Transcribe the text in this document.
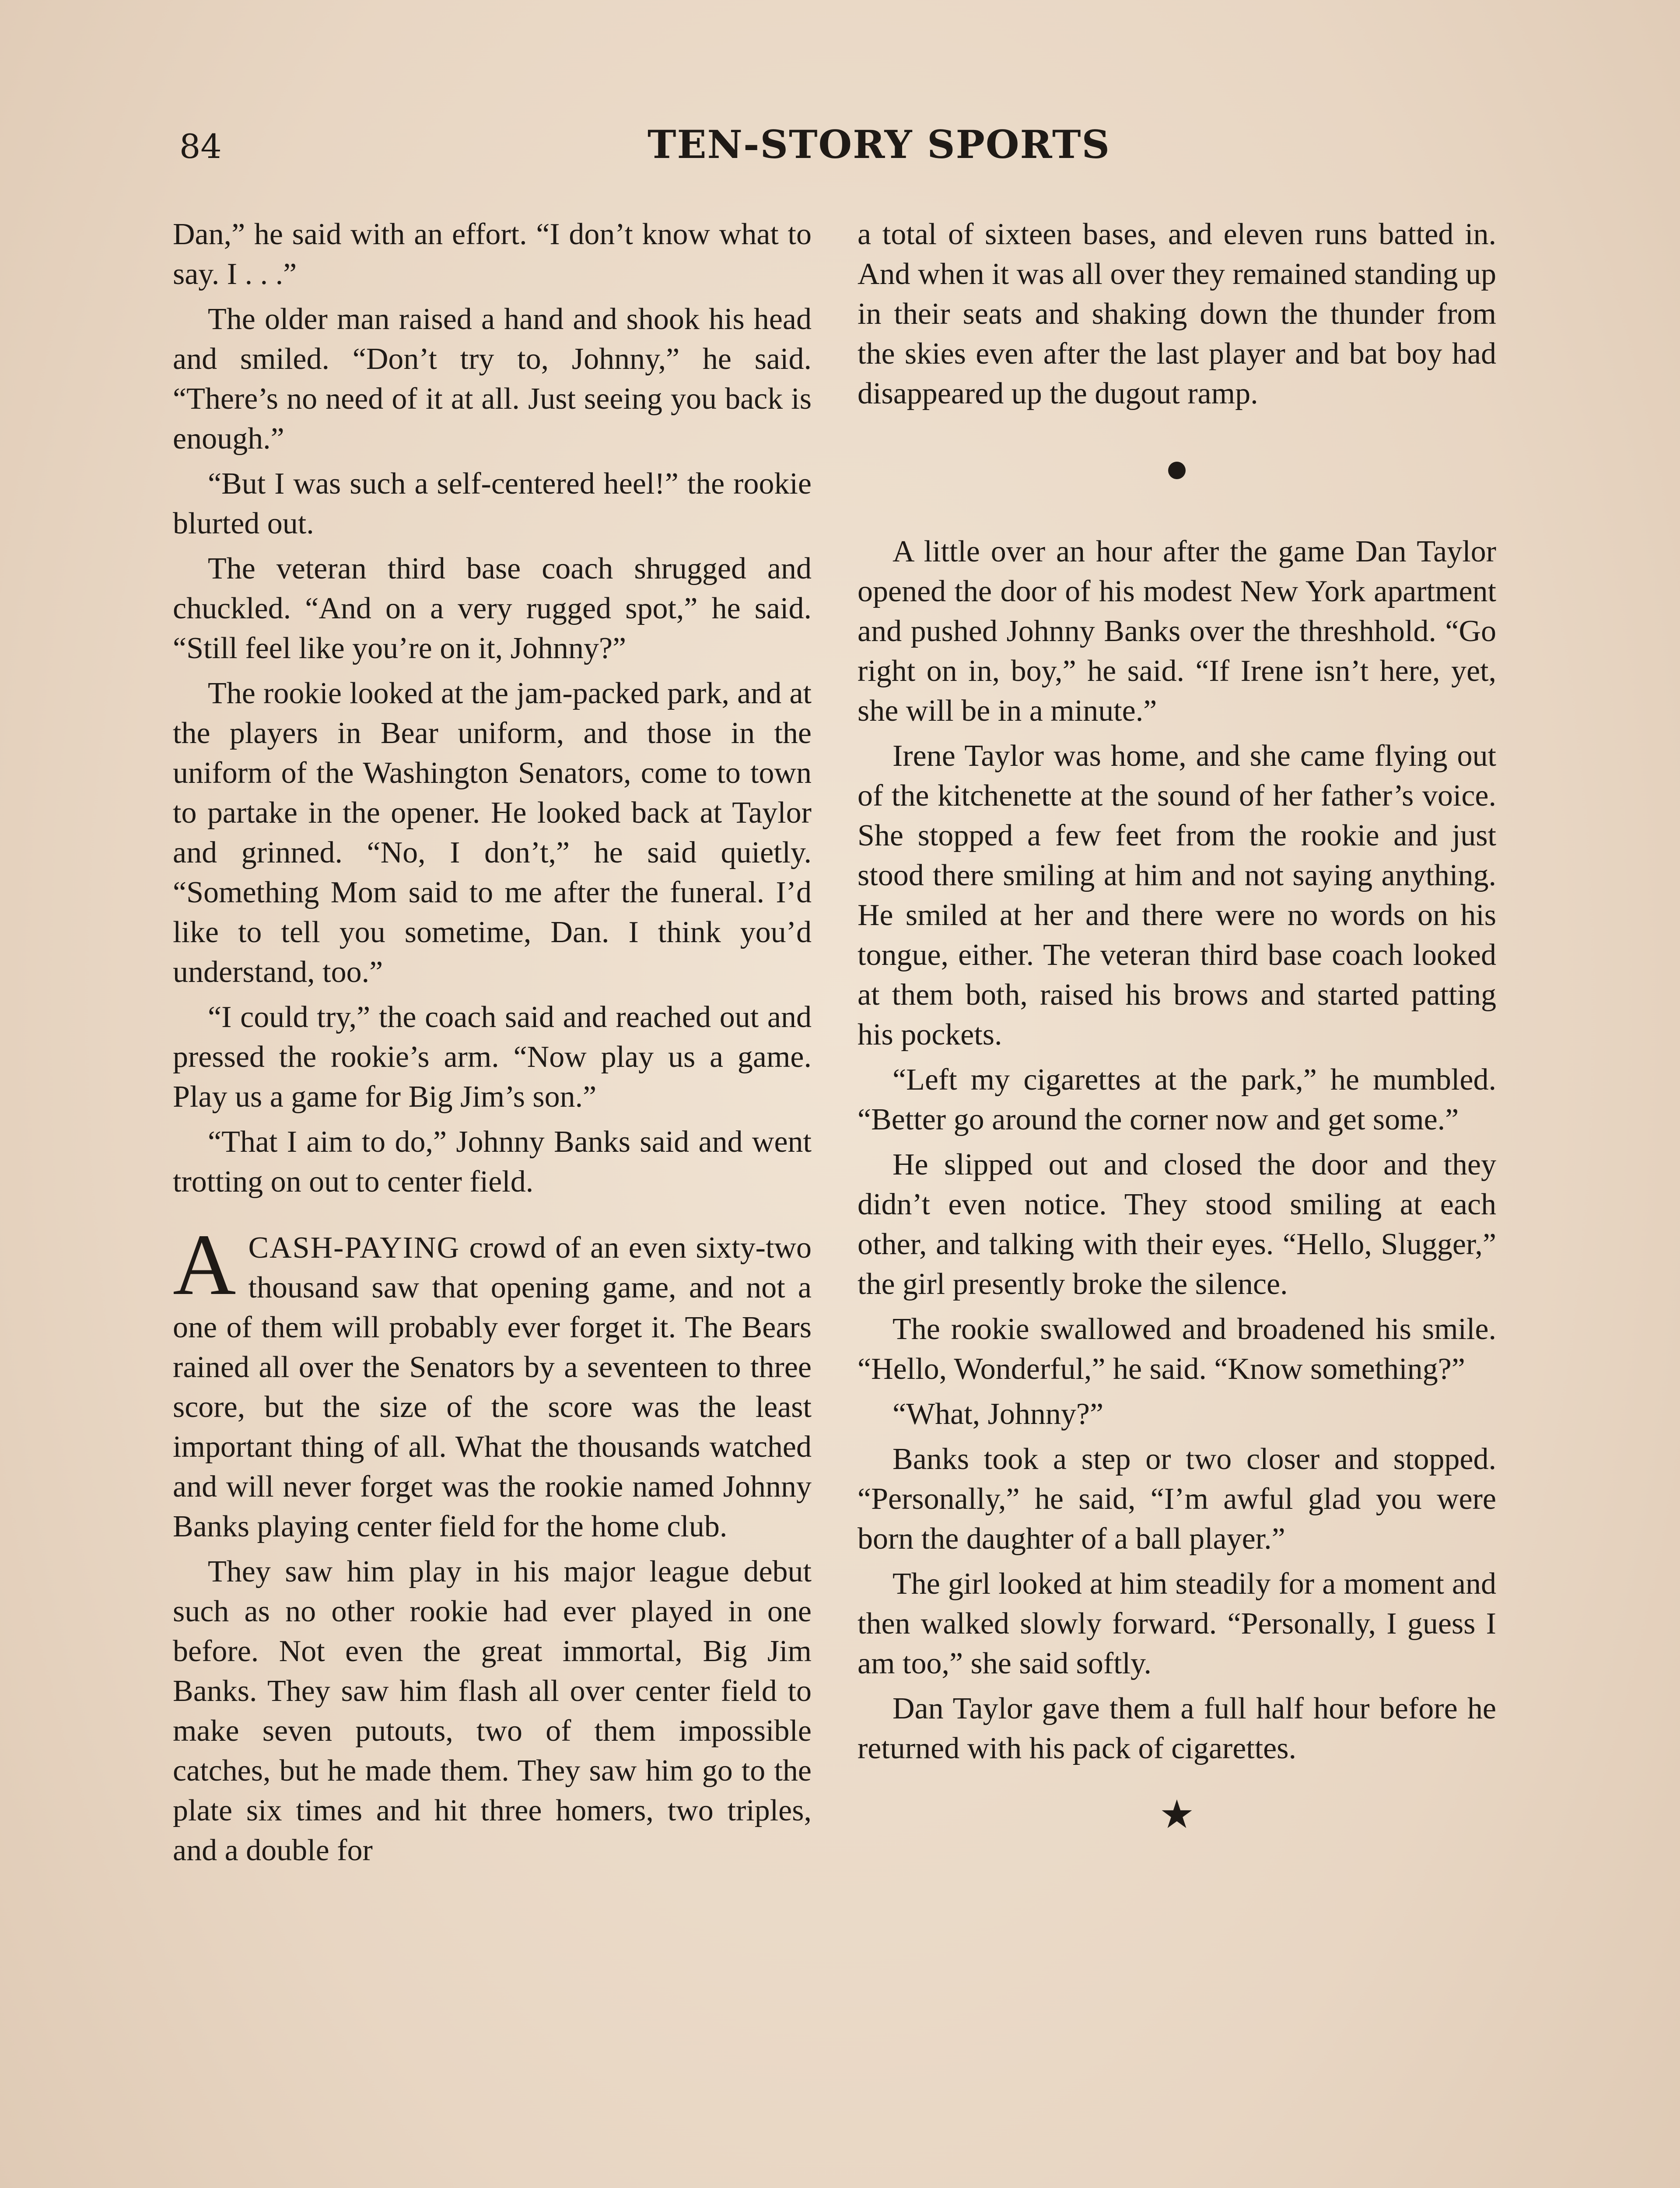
84	TEN-STORY SPORTS

Dan,” he said with an effort. “I don’t know what to say. I . . .”

The older man raised a hand and shook his head and smiled. “Don’t try to, Johnny,” he said. “There’s no need of it at all. Just seeing you back is enough.”

“But I was such a self-centered heel!” the rookie blurted out.

The veteran third base coach shrugged and chuckled. “And on a very rugged spot,” he said. “Still feel like you’re on it, Johnny?”

The rookie looked at the jam-packed park, and at the players in Bear uniform, and those in the uniform of the Washington Senators, come to town to partake in the opener. He looked back at Taylor and grinned. “No, I don’t,” he said quietly. “Something Mom said to me after the funeral. I’d like to tell you sometime, Dan. I think you’d understand, too.”

“I could try,” the coach said and reached out and pressed the rookie’s arm. “Now play us a game. Play us a game for Big Jim’s son.”

“That I aim to do,” Johnny Banks said and went trotting on out to center field.

ACASH-PAYING crowd of an even sixty-two thousand saw that opening game, and not a one of them will probably ever forget it. The Bears rained all over the Senators by a seventeen to three score, but the size of the score was the least important thing of all. What the thousands watched and will never forget was the rookie named Johnny Banks playing center field for the home club.

They saw him play in his major league debut such as no other rookie had ever played in one before. Not even the great immortal, Big Jim Banks. They saw him flash all over center field to make seven putouts, two of them impossible catches, but he made them. They saw him go to the plate six times and hit three homers, two triples, and a double for

a total of sixteen bases, and eleven runs batted in. And when it was all over they remained standing up in their seats and shaking down the thunder from the skies even after the last player and bat boy had disappeared up the dugout ramp.

A little over an hour after the game Dan Taylor opened the door of his modest New York apartment and pushed Johnny Banks over the threshhold. “Go right on in, boy,” he said. “If Irene isn’t here, yet, she will be in a minute.”

Irene Taylor was home, and she came flying out of the kitchenette at the sound of her father’s voice. She stopped a few feet from the rookie and just stood there smiling at him and not saying anything. He smiled at her and there were no words on his tongue, either. The veteran third base coach looked at them both, raised his brows and started patting his pockets.

“Left my cigarettes at the park,” he mumbled. “Better go around the corner now and get some.”

He slipped out and closed the door and they didn’t even notice. They stood smiling at each other, and talking with their eyes. “Hello, Slugger,” the girl presently broke the silence.

The rookie swallowed and broadened his smile. “Hello, Wonderful,” he said. “Know something?”

“What, Johnny?”

Banks took a step or two closer and stopped. “Personally,” he said, “I’m awful glad you were born the daughter of a ball player.”

The girl looked at him steadily for a moment and then walked slowly forward. “Personally, I guess I am too,” she said softly.

Dan Taylor gave them a full half hour before he returned with his pack of cigarettes.

★
